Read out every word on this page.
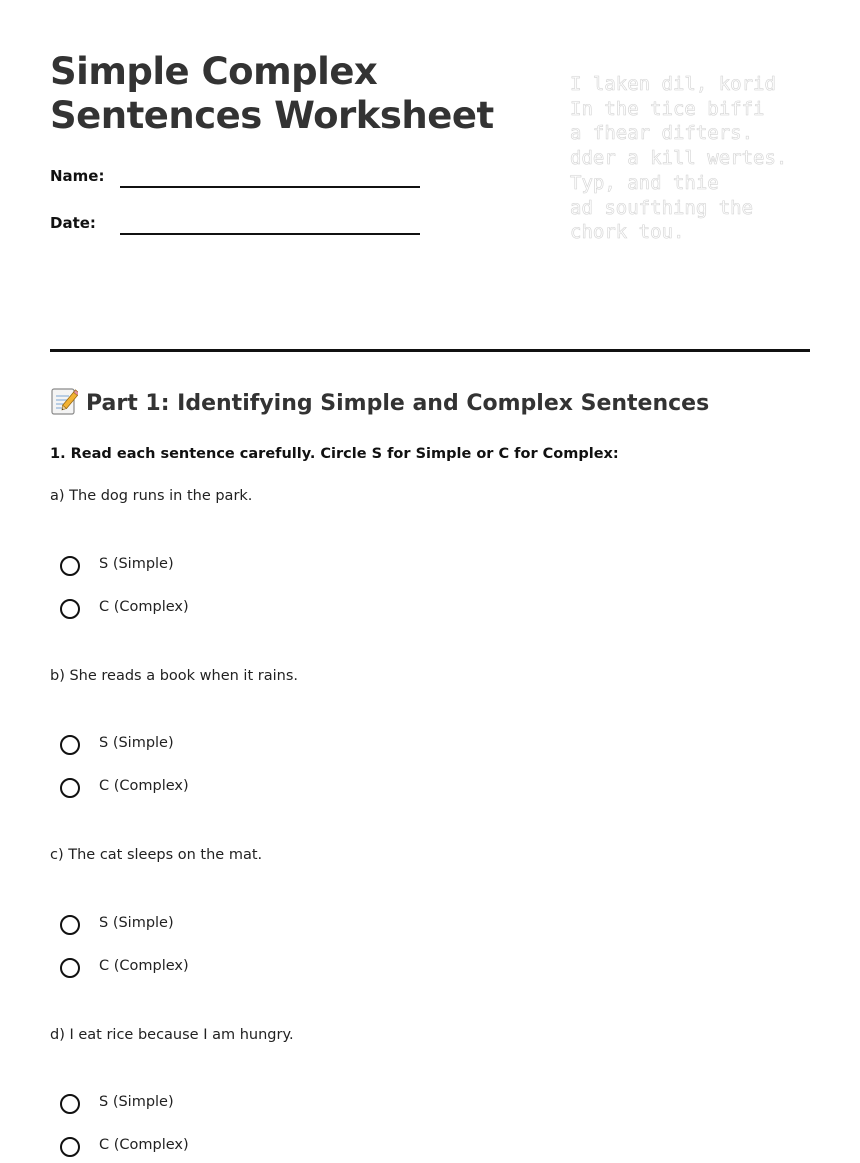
Simple Complex Sentences Worksheet
Name:
Date:
I laken dil, korid
In the tice biffi
a fhear difters.
dder a kill wertes.
Typ, and thie
ad soufthing the
chork tou.
Part 1: Identifying Simple and Complex Sentences
1. Read each sentence carefully. Circle S for Simple or C for Complex:
a) The dog runs in the park.
S (Simple)
C (Complex)
b) She reads a book when it rains.
S (Simple)
C (Complex)
c) The cat sleeps on the mat.
S (Simple)
C (Complex)
d) I eat rice because I am hungry.
S (Simple)
C (Complex)
